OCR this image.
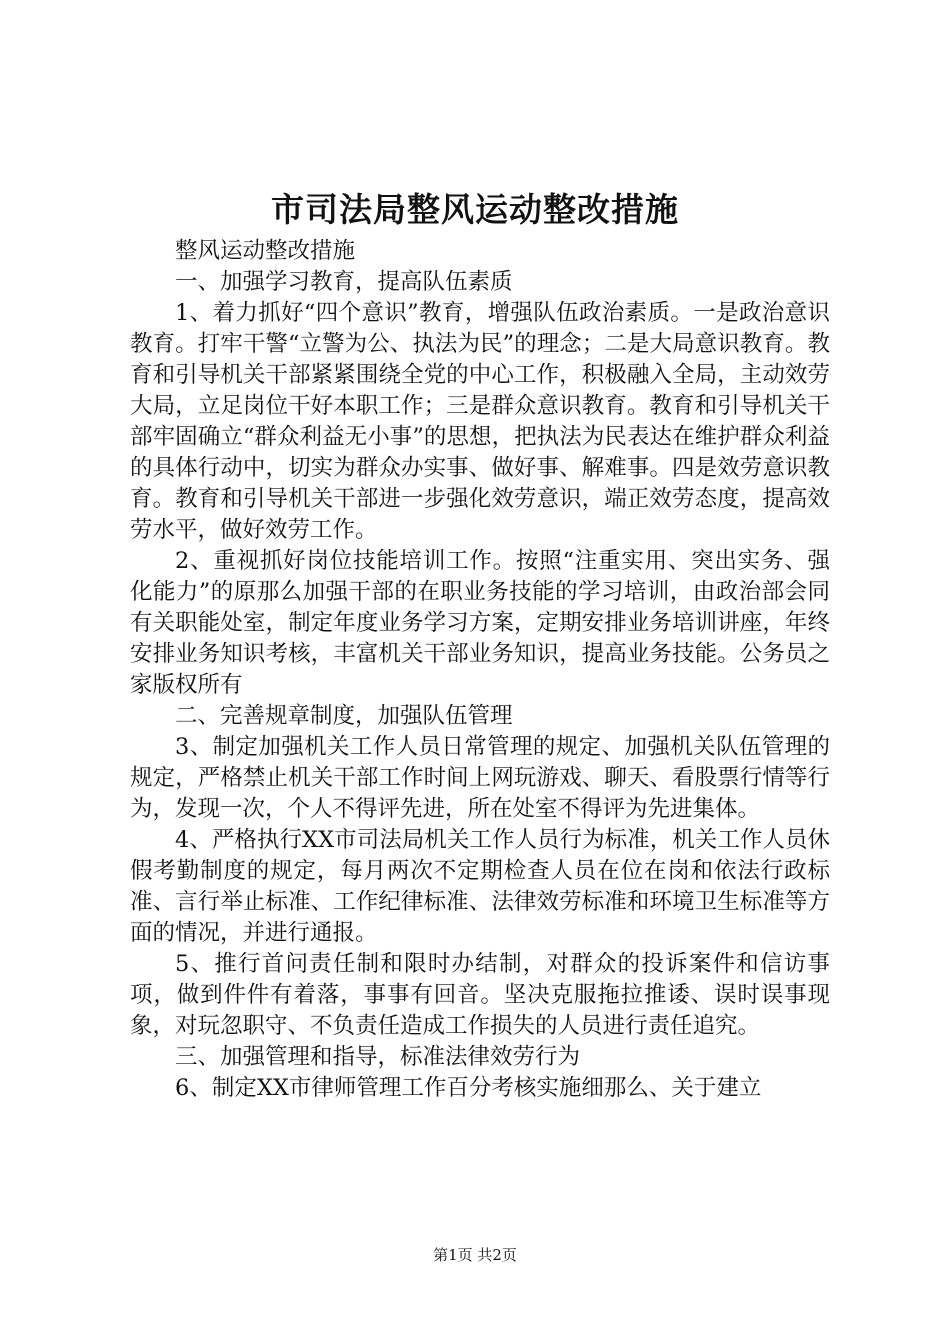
市司法局整风运动整改措施

整风运动整改措施

一、加强学习教育，提高队伍素质

1、着力抓好“四个意识”教育，增强队伍政治素质。一是政治意识教育。打牢干警“立警为公、执法为民”的理念；二是大局意识教育。教育和引导机关干部紧紧围绕全党的中心工作，积极融入全局，主动效劳大局，立足岗位干好本职工作；三是群众意识教育。教育和引导机关干部牢固确立“群众利益无小事”的思想，把执法为民表达在维护群众利益的具体行动中，切实为群众办实事、做好事、解难事。四是效劳意识教育。教育和引导机关干部进一步强化效劳意识，端正效劳态度，提高效劳水平，做好效劳工作。

2、重视抓好岗位技能培训工作。按照“注重实用、突出实务、强化能力”的原那么加强干部的在职业务技能的学习培训，由政治部会同有关职能处室，制定年度业务学习方案，定期安排业务培训讲座，年终安排业务知识考核，丰富机关干部业务知识，提高业务技能。公务员之家版权所有

二、完善规章制度，加强队伍管理

3、制定加强机关工作人员日常管理的规定、加强机关队伍管理的规定，严格禁止机关干部工作时间上网玩游戏、聊天、看股票行情等行为，发现一次，个人不得评先进，所在处室不得评为先进集体。

4、严格执行XX市司法局机关工作人员行为标准，机关工作人员休假考勤制度的规定，每月两次不定期检查人员在位在岗和依法行政标准、言行举止标准、工作纪律标准、法律效劳标准和环境卫生标准等方面的情况，并进行通报。

5、推行首问责任制和限时办结制，对群众的投诉案件和信访事项，做到件件有着落，事事有回音。坚决克服拖拉推诿、误时误事现象，对玩忽职守、不负责任造成工作损失的人员进行责任追究。

三、加强管理和指导，标准法律效劳行为

6、制定XX市律师管理工作百分考核实施细那么、关于建立

第1页 共2页
